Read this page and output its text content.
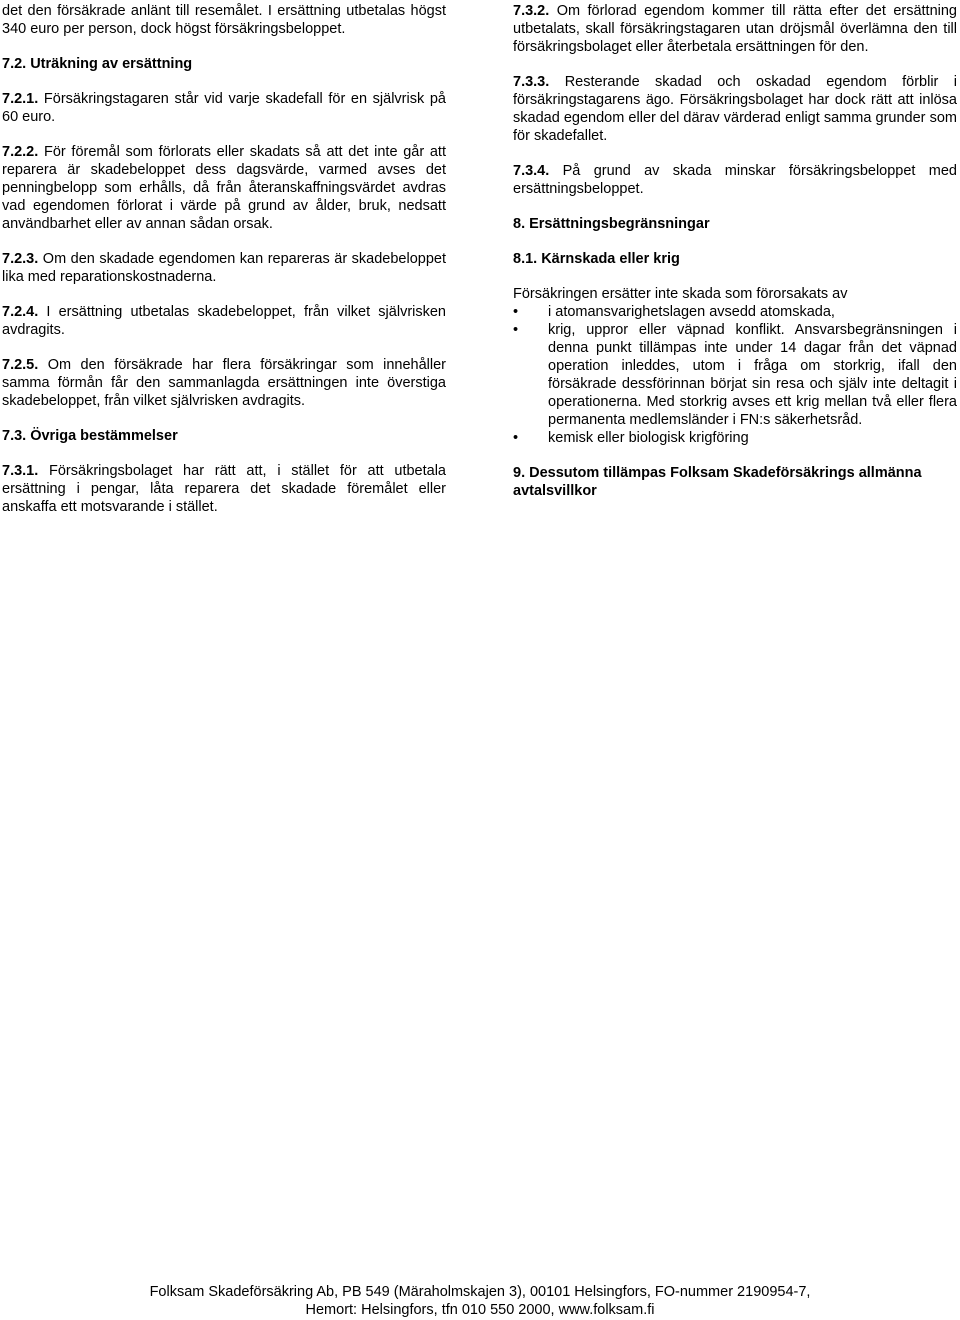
det den försäkrade anlänt till resemålet. I ersättning utbetalas högst 340 euro per person, dock högst försäkringsbeloppet.

7.2. Uträkning av ersättning

7.2.1. Försäkringstagaren står vid varje skadefall för en självrisk på 60 euro.

7.2.2. För föremål som förlorats eller skadats så att det inte går att reparera är skadebeloppet dess dagsvärde, varmed avses det penningbelopp som erhålls, då från återanskaffningsvärdet avdras vad egendomen förlorat i värde på grund av ålder, bruk, nedsatt användbarhet eller av annan sådan orsak.

7.2.3. Om den skadade egendomen kan repareras är skadebeloppet lika med reparationskostnaderna.

7.2.4. I ersättning utbetalas skadebeloppet, från vilket självrisken avdragits.

7.2.5. Om den försäkrade har flera försäkringar som innehåller samma förmån får den sammanlagda ersättningen inte överstiga skadebeloppet, från vilket självrisken avdragits.

7.3. Övriga bestämmelser

7.3.1. Försäkringsbolaget har rätt att, i stället för att utbetala ersättning i pengar, låta reparera det skadade föremålet eller anskaffa ett motsvarande i stället.

7.3.2. Om förlorad egendom kommer till rätta efter det ersättning utbetalats, skall försäkringstagaren utan dröjsmål överlämna den till försäkringsbolaget eller återbetala ersättningen för den.

7.3.3. Resterande skadad och oskadad egendom förblir i försäkringstagarens ägo. Försäkringsbolaget har dock rätt att inlösa skadad egendom eller del därav värderad enligt samma grunder som för skadefallet.

7.3.4. På grund av skada minskar försäkringsbeloppet med ersättningsbeloppet.

8. Ersättningsbegränsningar
8.1. Kärnskada eller krig

Försäkringen ersätter inte skada som förorsakats av

•	i atomansvarighetslagen avsedd atomskada,
•	krig, uppror eller väpnad konflikt. Ansvarsbegränsningen i denna punkt tillämpas inte under 14 dagar från det väpnad operation inleddes, utom i fråga om storkrig, ifall den försäkrade dessförinnan börjat sin resa och själv inte deltagit i operationerna. Med storkrig avses ett krig mellan två eller flera permanenta medlemsländer i FN:s säkerhetsråd.
•	kemisk eller biologisk krigföring
9. Dessutom tillämpas Folksam Skadeförsäkrings allmänna avtalsvillkor
Folksam Skadeförsäkring Ab, PB 549 (Märaholmskajen 3), 00101 Helsingfors, FO-nummer 2190954-7,
Hemort: Helsingfors, tfn 010 550 2000, www.folksam.fi
